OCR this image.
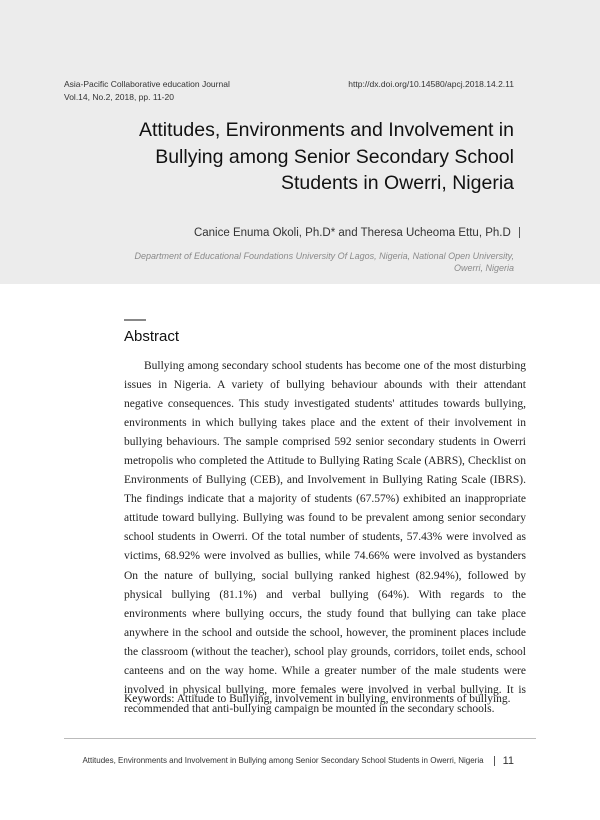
Asia-Pacific Collaborative education Journal
Vol.14, No.2, 2018, pp. 11-20
http://dx.doi.org/10.14580/apcj.2018.14.2.11
Attitudes, Environments and Involvement in Bullying among Senior Secondary School Students in Owerri, Nigeria
Canice Enuma Okoli, Ph.D* and Theresa Ucheoma Ettu, Ph.D
Department of Educational Foundations University Of Lagos, Nigeria, National Open University, Owerri, Nigeria
Abstract

Bullying among secondary school students has become one of the most disturbing issues in Nigeria. A variety of bullying behaviour abounds with their attendant negative consequences. This study investigated students' attitudes towards bullying, environments in which bullying takes place and the extent of their involvement in bullying behaviours. The sample comprised 592 senior secondary students in Owerri metropolis who completed the Attitude to Bullying Rating Scale (ABRS), Checklist on Environments of Bullying (CEB), and Involvement in Bullying Rating Scale (IBRS). The findings indicate that a majority of students (67.57%) exhibited an inappropriate attitude toward bullying. Bullying was found to be prevalent among senior secondary school students in Owerri. Of the total number of students, 57.43% were involved as victims, 68.92% were involved as bullies, while 74.66% were involved as bystanders On the nature of bullying, social bullying ranked highest (82.94%), followed by physical bullying (81.1%) and verbal bullying (64%). With regards to the environments where bullying occurs, the study found that bullying can take place anywhere in the school and outside the school, however, the prominent places include the classroom (without the teacher), school play grounds, corridors, toilet ends, school canteens and on the way home. While a greater number of the male students were involved in physical bullying, more females were involved in verbal bullying. It is recommended that anti-bullying campaign be mounted in the secondary schools.

Keywords: Attitude to Bullying, involvement in bullying, environments of bullying.
Attitudes, Environments and Involvement in Bullying among Senior Secondary School Students in Owerri, Nigeria 11
